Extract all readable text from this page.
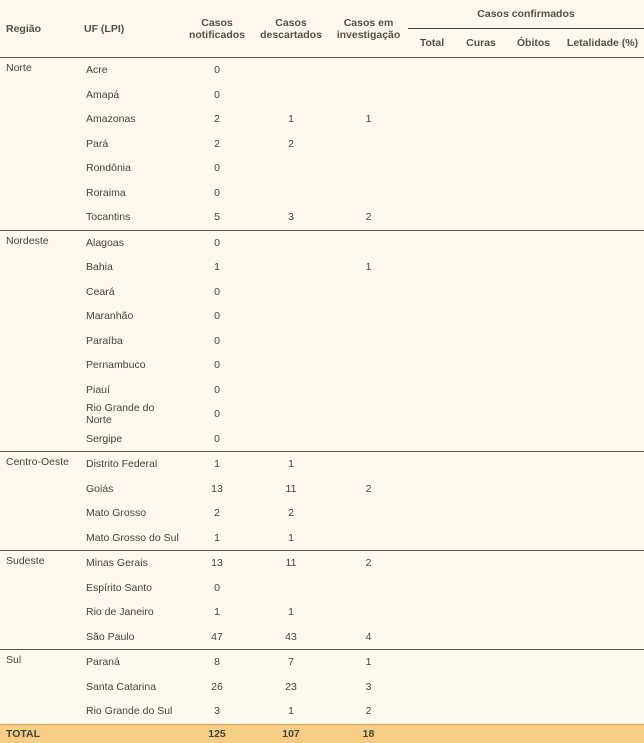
Região	UF (LPI)	Casos notificados	Casos descartados	Casos em investigação	Casos confirmados			
					Total	Curas	Óbitos	Letalidade (%)
Norte	Acre	0						
	Amapá	0						
	Amazonas	2	1	1				
	Pará	2	2					
	Rondônia	0						
	Roraima	0						
	Tocantins	5	3	2				
Nordeste	Alagoas	0						
	Bahia	1		1				
	Ceará	0						
	Maranhão	0						
	Paraíba	0						
	Pernambuco	0						
	Piauí	0						
	Rio Grande do Norte	0						
	Sergipe	0						
Centro-Oeste	Distrito Federal	1	1					
	Goiás	13	11	2				
	Mato Grosso	2	2					
	Mato Grosso do Sul	1	1					
Sudeste	Minas Gerais	13	11	2				
	Espírito Santo	0						
	Rio de Janeiro	1	1					
	São Paulo	47	43	4				
Sul	Paraná	8	7	1				
	Santa Catarina	26	23	3				
	Rio Grande do Sul	3	1	2				
TOTAL		125	107	18				
